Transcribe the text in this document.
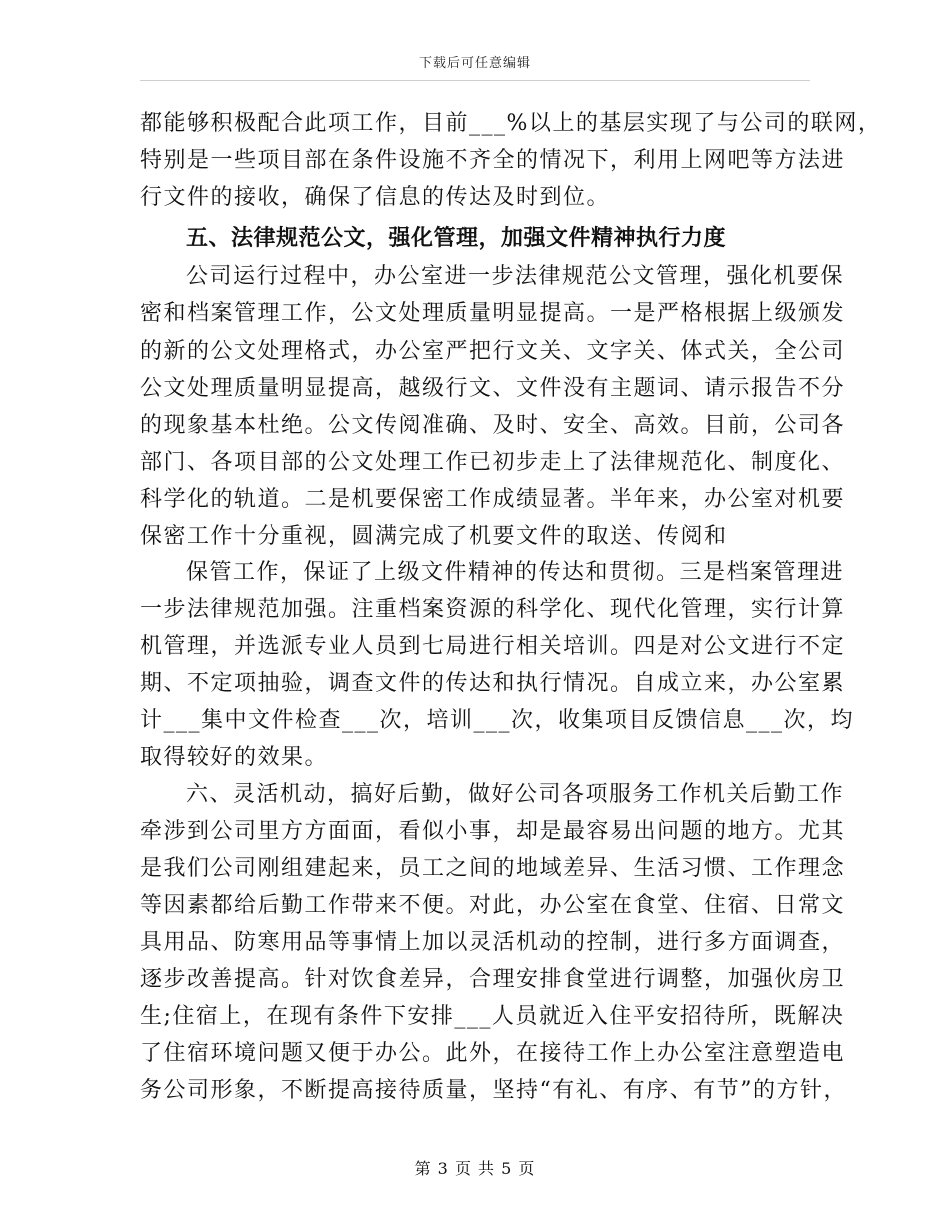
下载后可任意编辑
都能够积极配合此项工作，目前___%以上的基层实现了与公司的联网，
特别是一些项目部在条件设施不齐全的情况下，利用上网吧等方法进
行文件的接收，确保了信息的传达及时到位。
五、法律规范公文，强化管理，加强文件精神执行力度
公司运行过程中，办公室进一步法律规范公文管理，强化机要保
密和档案管理工作，公文处理质量明显提高。一是严格根据上级颁发
的新的公文处理格式，办公室严把行文关、文字关、体式关，全公司
公文处理质量明显提高，越级行文、文件没有主题词、请示报告不分
的现象基本杜绝。公文传阅准确、及时、安全、高效。目前，公司各
部门、各项目部的公文处理工作已初步走上了法律规范化、制度化、
科学化的轨道。二是机要保密工作成绩显著。半年来，办公室对机要
保密工作十分重视，圆满完成了机要文件的取送、传阅和
保管工作，保证了上级文件精神的传达和贯彻。三是档案管理进
一步法律规范加强。注重档案资源的科学化、现代化管理，实行计算
机管理，并选派专业人员到七局进行相关培训。四是对公文进行不定
期、不定项抽验，调查文件的传达和执行情况。自成立来，办公室累
计___集中文件检查___次，培训___次，收集项目反馈信息___次，均
取得较好的效果。
六、灵活机动，搞好后勤，做好公司各项服务工作机关后勤工作
牵涉到公司里方方面面，看似小事，却是最容易出问题的地方。尤其
是我们公司刚组建起来，员工之间的地域差异、生活习惯、工作理念
等因素都给后勤工作带来不便。对此，办公室在食堂、住宿、日常文
具用品、防寒用品等事情上加以灵活机动的控制，进行多方面调查，
逐步改善提高。针对饮食差异，合理安排食堂进行调整，加强伙房卫
生;住宿上，在现有条件下安排___人员就近入住平安招待所，既解决
了住宿环境问题又便于办公。此外，在接待工作上办公室注意塑造电
务公司形象，不断提高接待质量，坚持“有礼、有序、有节”的方针，
第 3 页 共 5 页
